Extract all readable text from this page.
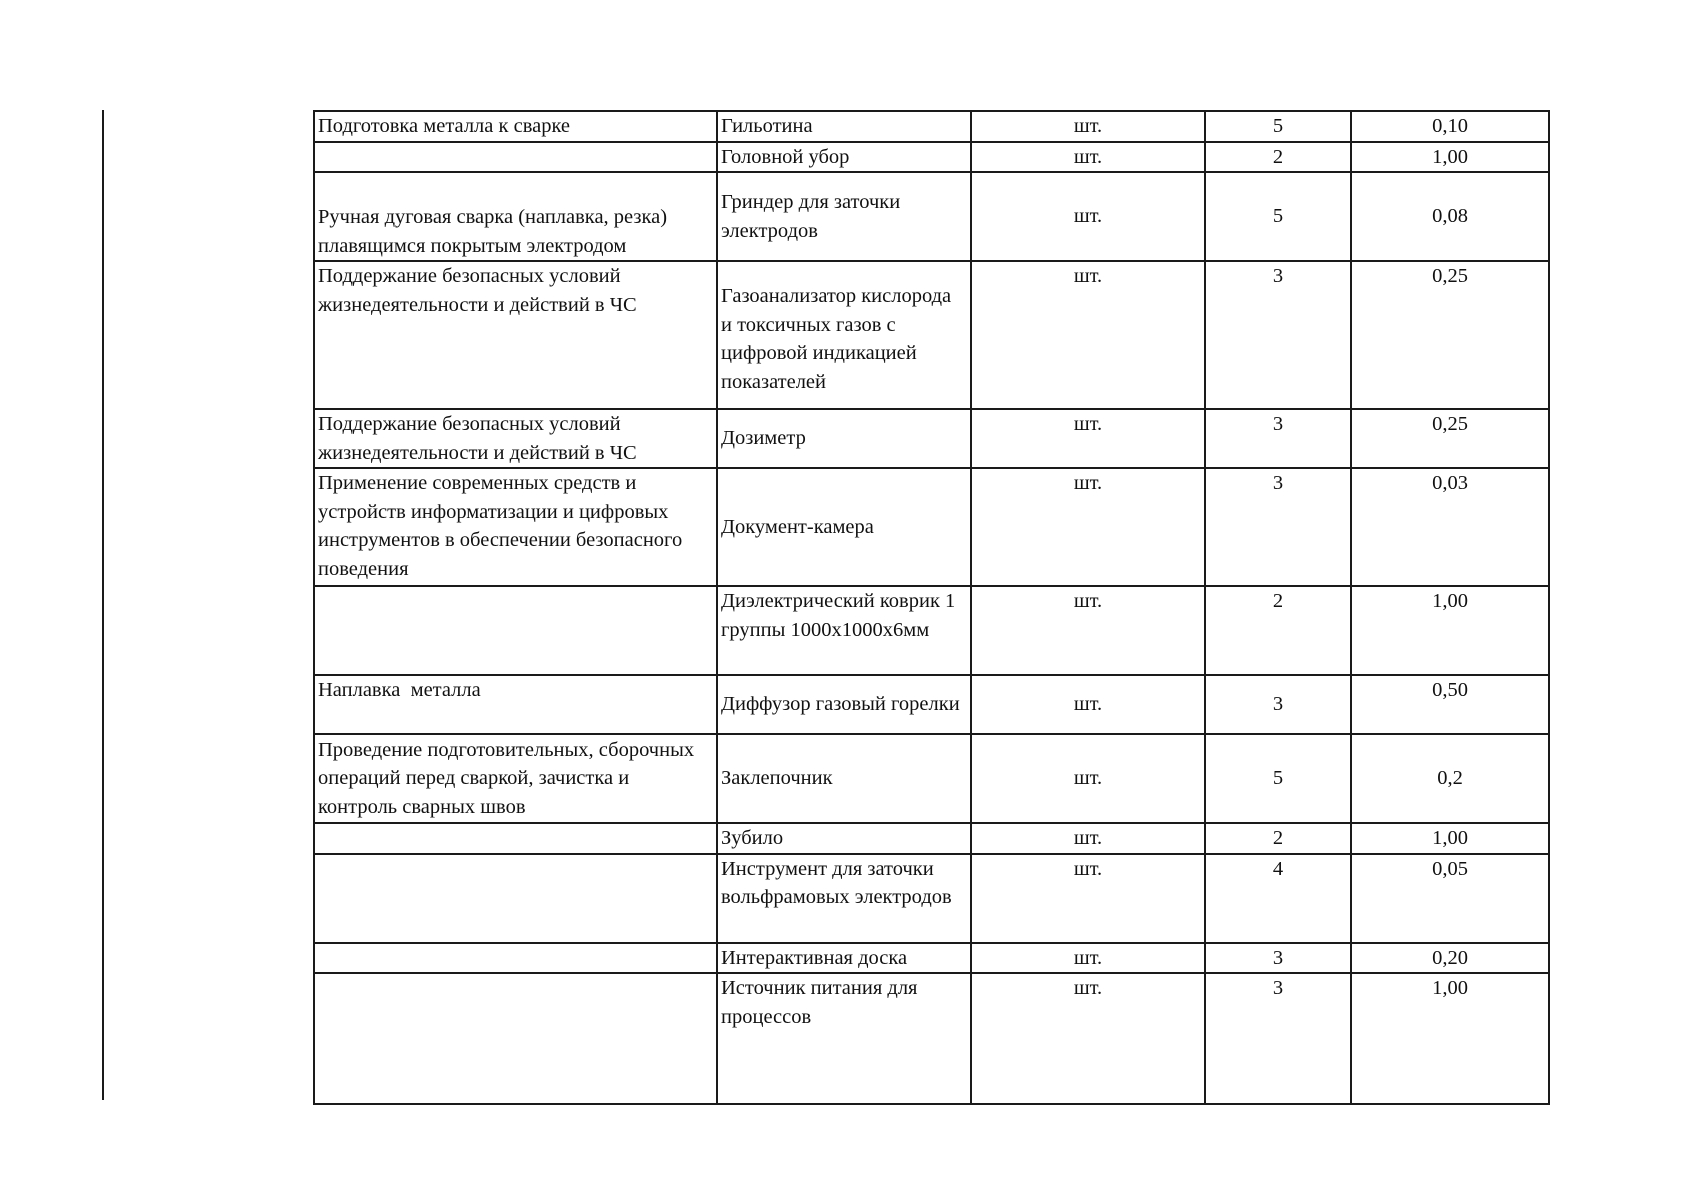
Подготовка металла к сварке	Гильотина	шт.	5	0,10
	Головной убор	шт.	2	1,00
Ручная дуговая сварка (наплавка, резка) плавящимся покрытым электродом	Гриндер для заточки электродов	шт.	5	0,08
Поддержание безопасных условий жизнедеятельности и действий в ЧС	Газоанализатор кислорода и токсичных газов с цифровой индикацией показателей	шт.	3	0,25
Поддержание безопасных условий жизнедеятельности и действий в ЧС	Дозиметр	шт.	3	0,25
Применение современных средств и устройств информатизации и цифровых инструментов в обеспечении безопасного поведения	Документ-камера	шт.	3	0,03
	Диэлектрический коврик 1 группы 1000х1000х6мм	шт.	2	1,00
Наплавка  металла	Диффузор газовый горелки	шт.	3	0,50
Проведение подготовительных, сборочных операций перед сваркой, зачистка и контроль сварных швов	Заклепочник	шт.	5	0,2
	Зубило	шт.	2	1,00
	Инструмент для заточки вольфрамовых электродов	шт.	4	0,05
	Интерактивная доска	шт.	3	0,20
	Источник питания для процессов	шт.	3	1,00
